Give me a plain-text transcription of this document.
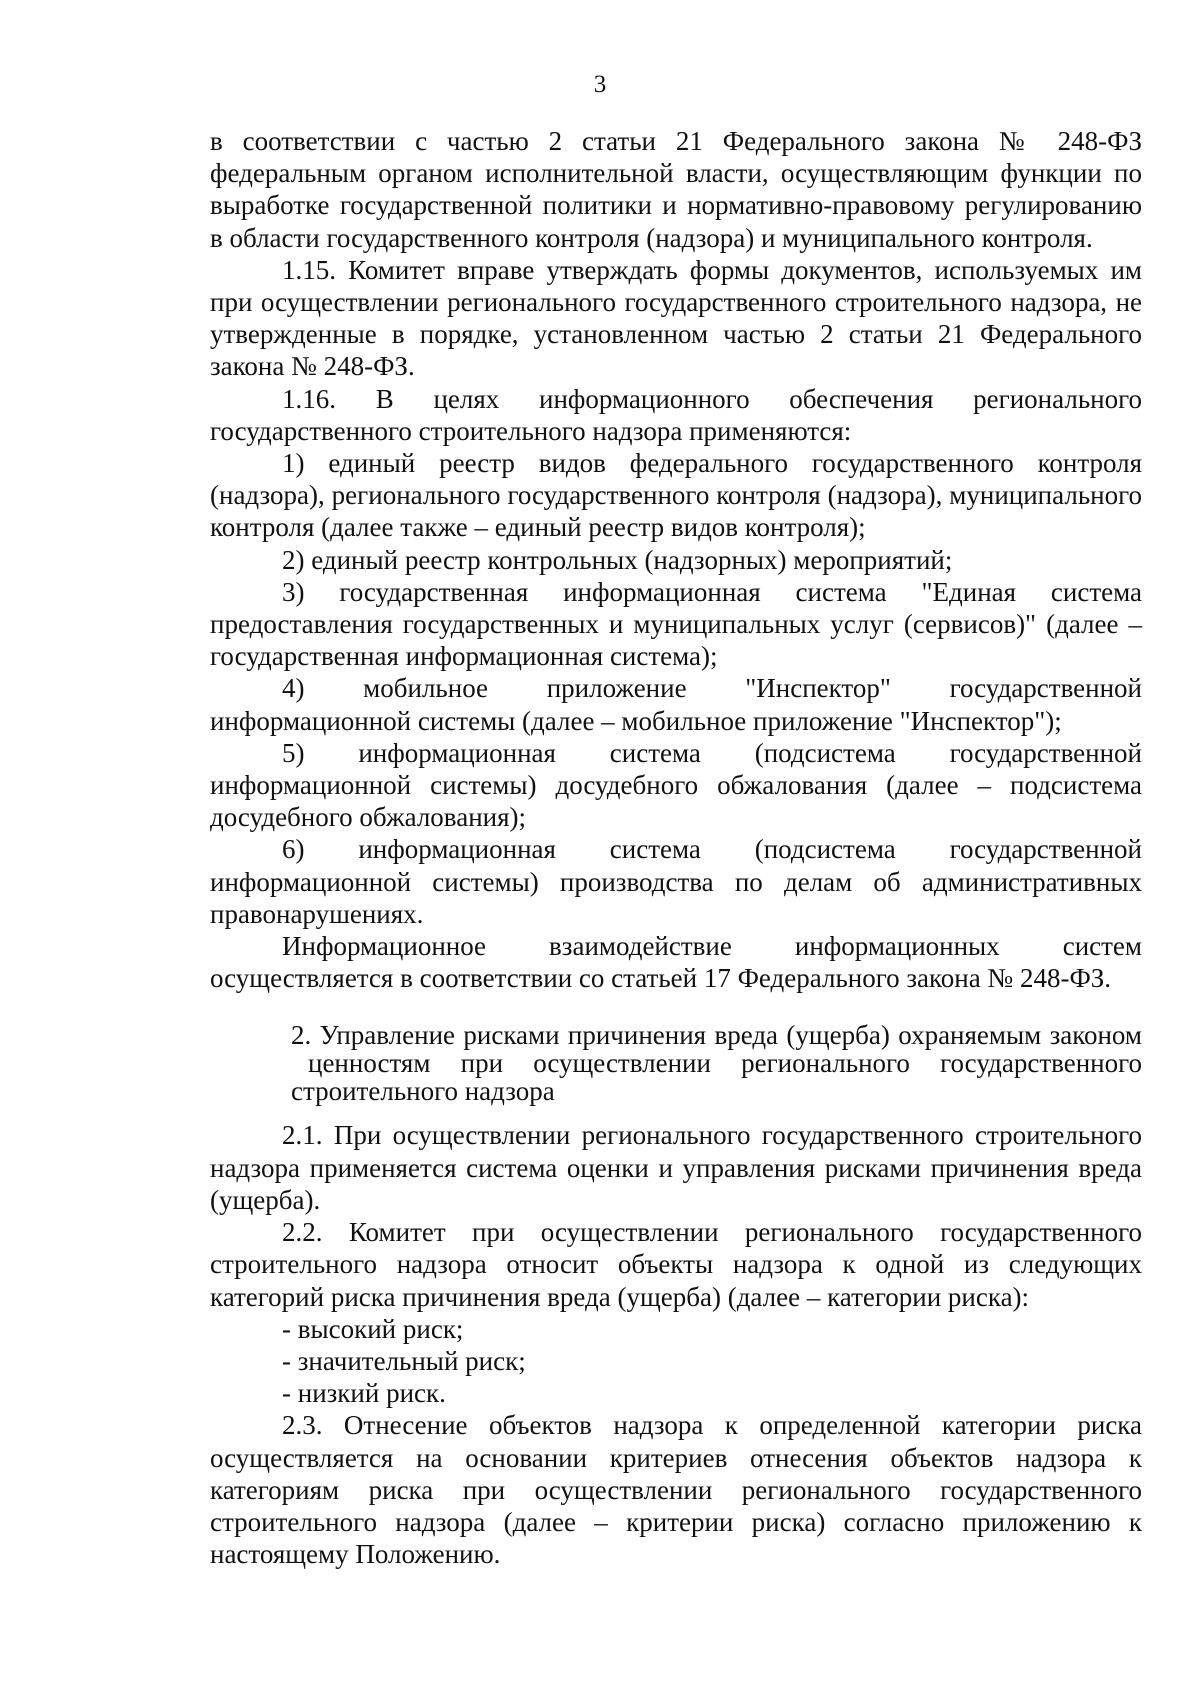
3

в соответствии с частью 2 статьи 21 Федерального закона № 248-ФЗ федеральным органом исполнительной власти, осуществляющим функции по выработке государственной политики и нормативно-правовому регулированию в области государственного контроля (надзора) и муниципального контроля.

1.15. Комитет вправе утверждать формы документов, используемых им при осуществлении регионального государственного строительного надзора, не утвержденные в порядке, установленном частью 2 статьи 21 Федерального закона № 248-ФЗ.

1.16. В целях информационного обеспечения регионального государственного строительного надзора применяются:

1) единый реестр видов федерального государственного контроля (надзора), регионального государственного контроля (надзора), муниципального контроля (далее также – единый реестр видов контроля);

2) единый реестр контрольных (надзорных) мероприятий;

3) государственная информационная система "Единая система предоставления государственных и муниципальных услуг (сервисов)" (далее – государственная информационная система);

4) мобильное приложение "Инспектор" государственной информационной системы (далее – мобильное приложение "Инспектор");

5) информационная система (подсистема государственной информационной системы) досудебного обжалования (далее – подсистема досудебного обжалования);

6) информационная система (подсистема государственной информационной системы) производства по делам об административных правонарушениях.

Информационное взаимодействие информационных систем осуществляется в соответствии со статьей 17 Федерального закона № 248-ФЗ.

2. Управление рисками причинения вреда (ущерба) охраняемым законом ценностям при осуществлении регионального государственного
строительного надзора

2.1. При осуществлении регионального государственного строительного надзора применяется система оценки и управления рисками причинения вреда (ущерба).

2.2. Комитет при осуществлении регионального государственного строительного надзора относит объекты надзора к одной из следующих категорий риска причинения вреда (ущерба) (далее – категории риска):

- высокий риск;

- значительный риск;

- низкий риск.

2.3. Отнесение объектов надзора к определенной категории риска осуществляется на основании критериев отнесения объектов надзора к категориям риска при осуществлении регионального государственного строительного надзора (далее – критерии риска) согласно приложению к настоящему Положению.
